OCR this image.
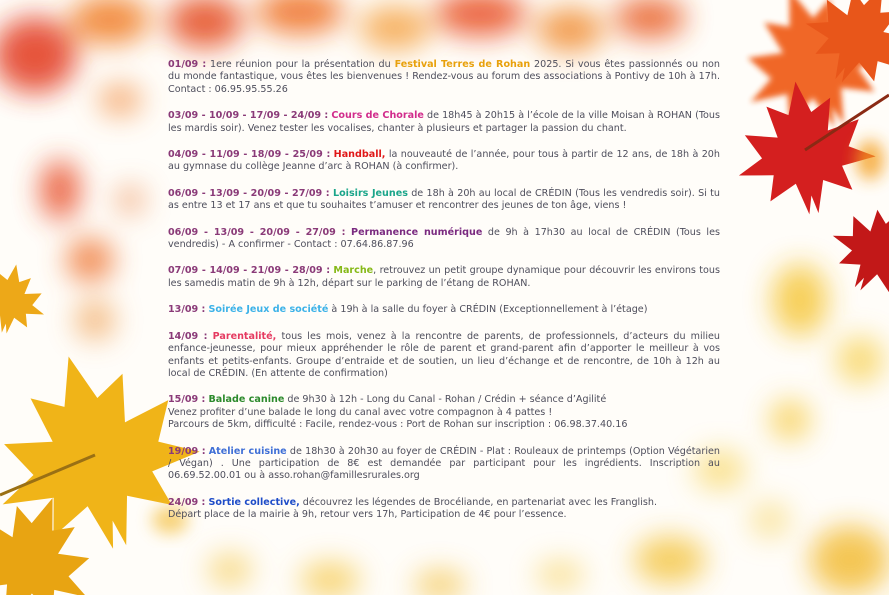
01/09 : 1ere réunion pour la présentation du Festival Terres de Rohan 2025. Si vous êtes passionnés ou non du monde fantastique, vous êtes les bienvenues ! Rendez-vous au forum des associations à Pontivy de 10h à 17h. Contact : 06.95.95.55.26

03/09 - 10/09 - 17/09 - 24/09 : Cours de Chorale de 18h45 à 20h15 à l’école de la ville Moisan à ROHAN (Tous les mardis soir). Venez tester les vocalises, chanter à plusieurs et partager la passion du chant.

04/09 - 11/09 - 18/09 - 25/09 : Handball, la nouveauté de l’année, pour tous à partir de 12 ans, de 18h à 20h au gymnase du collège Jeanne d’arc à ROHAN (à confirmer).

06/09 - 13/09 - 20/09 - 27/09 : Loisirs Jeunes de 18h à 20h au local de CRÉDIN (Tous les vendredis soir). Si tu as entre 13 et 17 ans et que tu souhaites t’amuser et rencontrer des jeunes de ton âge, viens !

06/09 - 13/09 - 20/09 - 27/09 : Permanence numérique de 9h à 17h30 au local de CRÉDIN (Tous les vendredis) - A confirmer - Contact : 07.64.86.87.96

07/09 - 14/09 - 21/09 - 28/09 : Marche, retrouvez un petit groupe dynamique pour découvrir les environs tous les samedis matin de 9h à 12h, départ sur le parking de l’étang de ROHAN.

13/09 : Soirée Jeux de société à 19h à la salle du foyer à CRÉDIN (Exceptionnellement à l’étage)

14/09 : Parentalité, tous les mois, venez à la rencontre de parents, de professionnels, d’acteurs du milieu enfance-jeunesse, pour mieux appréhender le rôle de parent et grand-parent afin d’apporter le meilleur à vos enfants et petits-enfants. Groupe d’entraide et de soutien, un lieu d’échange et de rencontre, de 10h à 12h au local de CRÉDIN. (En attente de confirmation)

15/09 : Balade canine de 9h30 à 12h - Long du Canal - Rohan / Crédin + séance d’Agilité
Venez profiter d’une balade le long du canal avec votre compagnon à 4 pattes !
Parcours de 5km, difficulté : Facile, rendez-vous : Port de Rohan sur inscription : 06.98.37.40.16

19/09 : Atelier cuisine de 18h30 à 20h30 au foyer de CRÉDIN - Plat : Rouleaux de printemps (Option Végétarien / Végan) . Une participation de 8€ est demandée par participant pour les ingrédients. Inscription au 06.69.52.00.01 ou à asso.rohan@famillesrurales.org

24/09 : Sortie collective, découvrez les légendes de Brocéliande, en partenariat avec les Franglish.
Départ place de la mairie à 9h, retour vers 17h, Participation de 4€ pour l’essence.
